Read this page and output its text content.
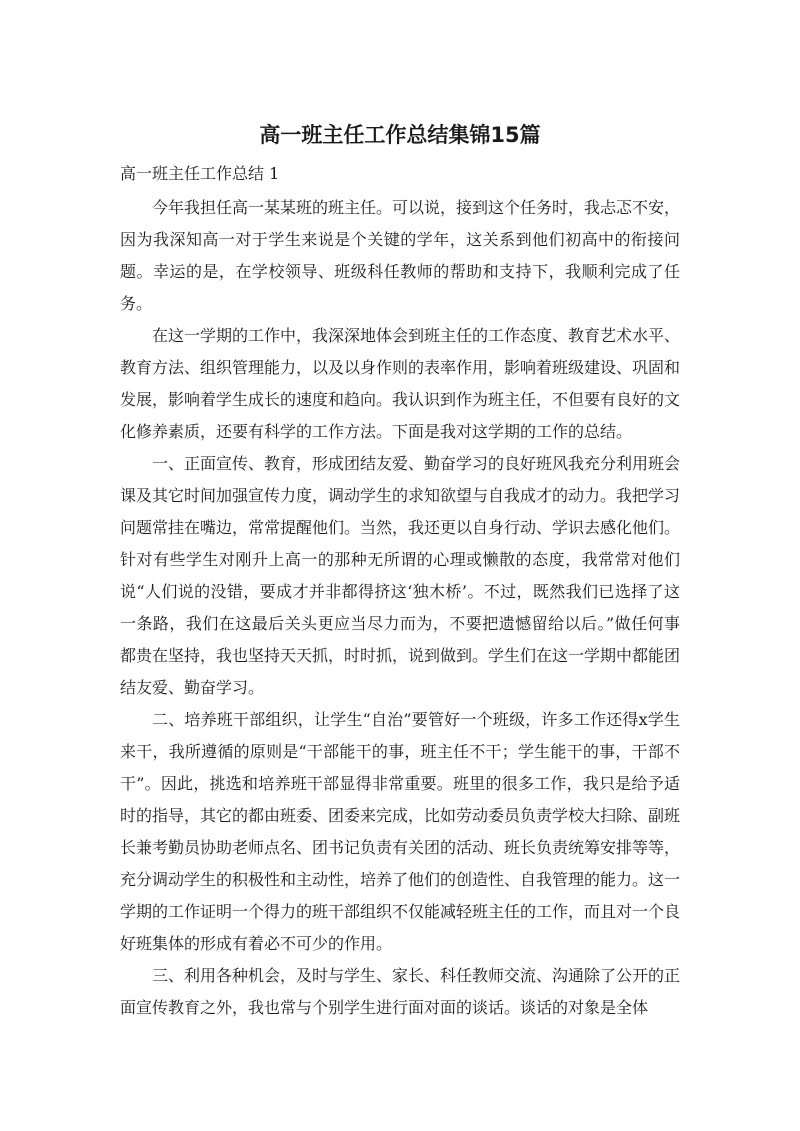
高一班主任工作总结集锦15篇

高一班主任工作总结 1

今年我担任高一某某班的班主任。可以说，接到这个任务时，我忐忑不安，因为我深知高一对于学生来说是个关键的学年，这关系到他们初高中的衔接问题。幸运的是，在学校领导、班级科任教师的帮助和支持下，我顺利完成了任务。

在这一学期的工作中，我深深地体会到班主任的工作态度、教育艺术水平、教育方法、组织管理能力，以及以身作则的表率作用，影响着班级建设、巩固和发展，影响着学生成长的速度和趋向。我认识到作为班主任，不但要有良好的文化修养素质，还要有科学的工作方法。下面是我对这学期的工作的总结。

一、正面宣传、教育，形成团结友爱、勤奋学习的良好班风我充分利用班会课及其它时间加强宣传力度，调动学生的求知欲望与自我成才的动力。我把学习问题常挂在嘴边，常常提醒他们。当然，我还更以自身行动、学识去感化他们。针对有些学生对刚升上高一的那种无所谓的心理或懒散的态度，我常常对他们说“人们说的没错，要成才并非都得挤这‘独木桥’。不过，既然我们已选择了这一条路，我们在这最后关头更应当尽力而为，不要把遗憾留给以后。”做任何事都贵在坚持，我也坚持天天抓，时时抓，说到做到。学生们在这一学期中都能团结友爱、勤奋学习。

二、培养班干部组织，让学生“自治”要管好一个班级，许多工作还得x学生来干，我所遵循的原则是“干部能干的事，班主任不干；学生能干的事，干部不干”。因此，挑选和培养班干部显得非常重要。班里的很多工作，我只是给予适时的指导，其它的都由班委、团委来完成，比如劳动委员负责学校大扫除、副班长兼考勤员协助老师点名、团书记负责有关团的活动、班长负责统筹安排等等，充分调动学生的积极性和主动性，培养了他们的创造性、自我管理的能力。这一学期的工作证明一个得力的班干部组织不仅能减轻班主任的工作，而且对一个良好班集体的形成有着必不可少的作用。

三、利用各种机会，及时与学生、家长、科任教师交流、沟通除了公开的正面宣传教育之外，我也常与个别学生进行面对面的谈话。谈话的对象是全体
